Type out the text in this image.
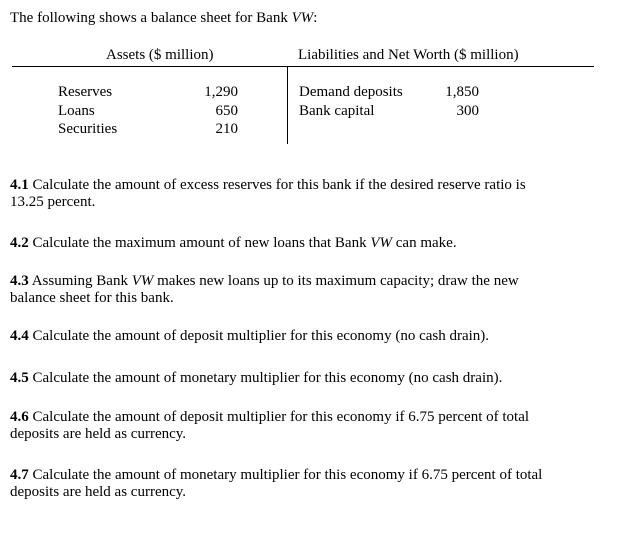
The following shows a balance sheet for Bank VW:
Assets ($ million)	Liabilities and Net Worth ($ million)
Reserves	1,290
Loans	650
Securities	210
Demand deposits	1,850
Bank capital	300
4.1 Calculate the amount of excess reserves for this bank if the desired reserve ratio is
13.25 percent.
4.2 Calculate the maximum amount of new loans that Bank VW can make.
4.3 Assuming Bank VW makes new loans up to its maximum capacity; draw the new
balance sheet for this bank.
4.4 Calculate the amount of deposit multiplier for this economy (no cash drain).
4.5 Calculate the amount of monetary multiplier for this economy (no cash drain).
4.6 Calculate the amount of deposit multiplier for this economy if 6.75 percent of total
deposits are held as currency.
4.7 Calculate the amount of monetary multiplier for this economy if 6.75 percent of total
deposits are held as currency.
